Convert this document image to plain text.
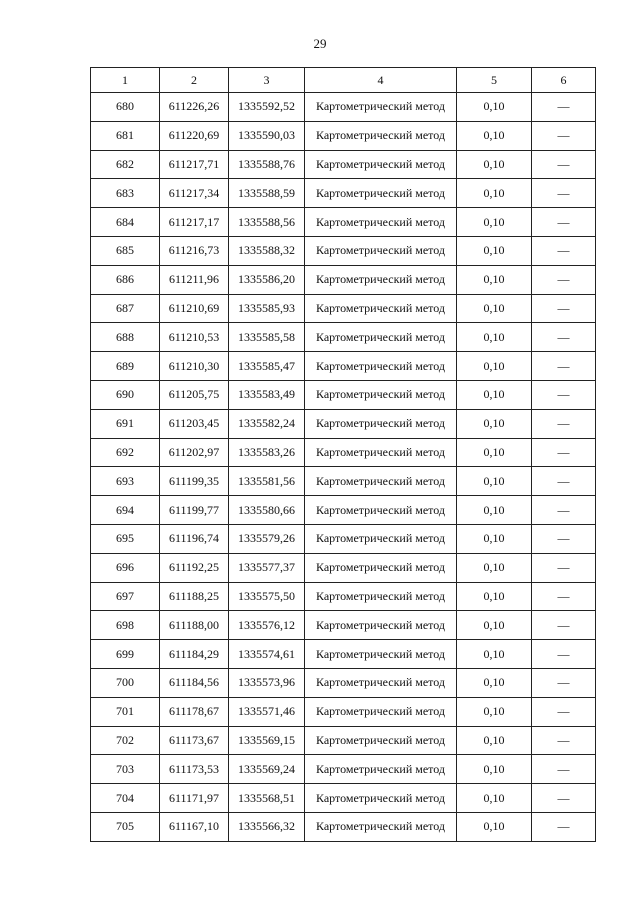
29
1	2	3	4	5	6
680	611226,26	1335592,52	Картометрический метод	0,10	—
681	611220,69	1335590,03	Картометрический метод	0,10	—
682	611217,71	1335588,76	Картометрический метод	0,10	—
683	611217,34	1335588,59	Картометрический метод	0,10	—
684	611217,17	1335588,56	Картометрический метод	0,10	—
685	611216,73	1335588,32	Картометрический метод	0,10	—
686	611211,96	1335586,20	Картометрический метод	0,10	—
687	611210,69	1335585,93	Картометрический метод	0,10	—
688	611210,53	1335585,58	Картометрический метод	0,10	—
689	611210,30	1335585,47	Картометрический метод	0,10	—
690	611205,75	1335583,49	Картометрический метод	0,10	—
691	611203,45	1335582,24	Картометрический метод	0,10	—
692	611202,97	1335583,26	Картометрический метод	0,10	—
693	611199,35	1335581,56	Картометрический метод	0,10	—
694	611199,77	1335580,66	Картометрический метод	0,10	—
695	611196,74	1335579,26	Картометрический метод	0,10	—
696	611192,25	1335577,37	Картометрический метод	0,10	—
697	611188,25	1335575,50	Картометрический метод	0,10	—
698	611188,00	1335576,12	Картометрический метод	0,10	—
699	611184,29	1335574,61	Картометрический метод	0,10	—
700	611184,56	1335573,96	Картометрический метод	0,10	—
701	611178,67	1335571,46	Картометрический метод	0,10	—
702	611173,67	1335569,15	Картометрический метод	0,10	—
703	611173,53	1335569,24	Картометрический метод	0,10	—
704	611171,97	1335568,51	Картометрический метод	0,10	—
705	611167,10	1335566,32	Картометрический метод	0,10	—
